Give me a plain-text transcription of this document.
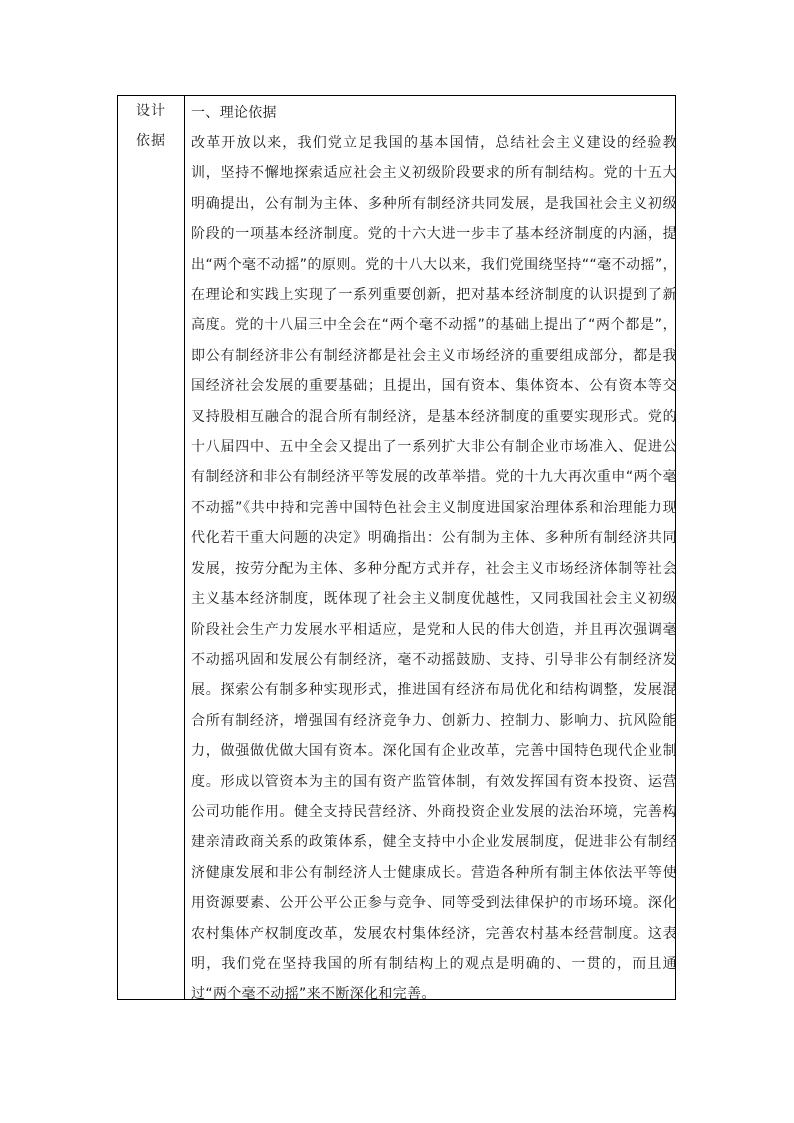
设计
依据
一、理论依据

改革开放以来，我们党立足我国的基本国情，总结社会主义建设的经验教训，坚持不懈地探索适应社会主义初级阶段要求的所有制结构。党的十五大明确提出，公有制为主体、多种所有制经济共同发展，是我国社会主义初级阶段的一项基本经济制度。党的十六大进一步丰了基本经济制度的内涵，提出“两个毫不动摇”的原则。党的十八大以来，我们党围绕坚持““毫不动摇”，在理论和实践上实现了一系列重要创新，把对基本经济制度的认识提到了新高度。党的十八届三中全会在“两个毫不动摇”的基础上提出了“两个都是”，即公有制经济非公有制经济都是社会主义市场经济的重要组成部分，都是我国经济社会发展的重要基础；且提出，国有资本、集体资本、公有资本等交叉持股相互融合的混合所有制经济，是基本经济制度的重要实现形式。党的十八届四中、五中全会又提出了一系列扩大非公有制企业市场准入、促进公有制经济和非公有制经济平等发展的改革举措。党的十九大再次重申“两个毫不动摇”《共中持和完善中国特色社会主义制度进国家治理体系和治理能力现代化若干重大问题的决定》明确指出：公有制为主体、多种所有制经济共同发展，按劳分配为主体、多种分配方式并存，社会主义市场经济体制等社会主义基本经济制度，既体现了社会主义制度优越性，又同我国社会主义初级阶段社会生产力发展水平相适应，是党和人民的伟大创造，并且再次强调毫不动摇巩固和发展公有制经济，毫不动摇鼓励、支持、引导非公有制经济发展。探索公有制多种实现形式，推进国有经济布局优化和结构调整，发展混合所有制经济，增强国有经济竞争力、创新力、控制力、影响力、抗风险能力，做强做优做大国有资本。深化国有企业改革，完善中国特色现代企业制度。形成以管资本为主的国有资产监管体制，有效发挥国有资本投资、运营公司功能作用。健全支持民营经济、外商投资企业发展的法治环境，完善构建亲清政商关系的政策体系，健全支持中小企业发展制度，促进非公有制经济健康发展和非公有制经济人士健康成长。营造各种所有制主体依法平等使用资源要素、公开公平公正参与竞争、同等受到法律保护的市场环境。深化农村集体产权制度改革，发展农村集体经济，完善农村基本经营制度。这表明，我们党在坚持我国的所有制结构上的观点是明确的、一贯的，而且通过“两个毫不动摇”来不断深化和完善。
